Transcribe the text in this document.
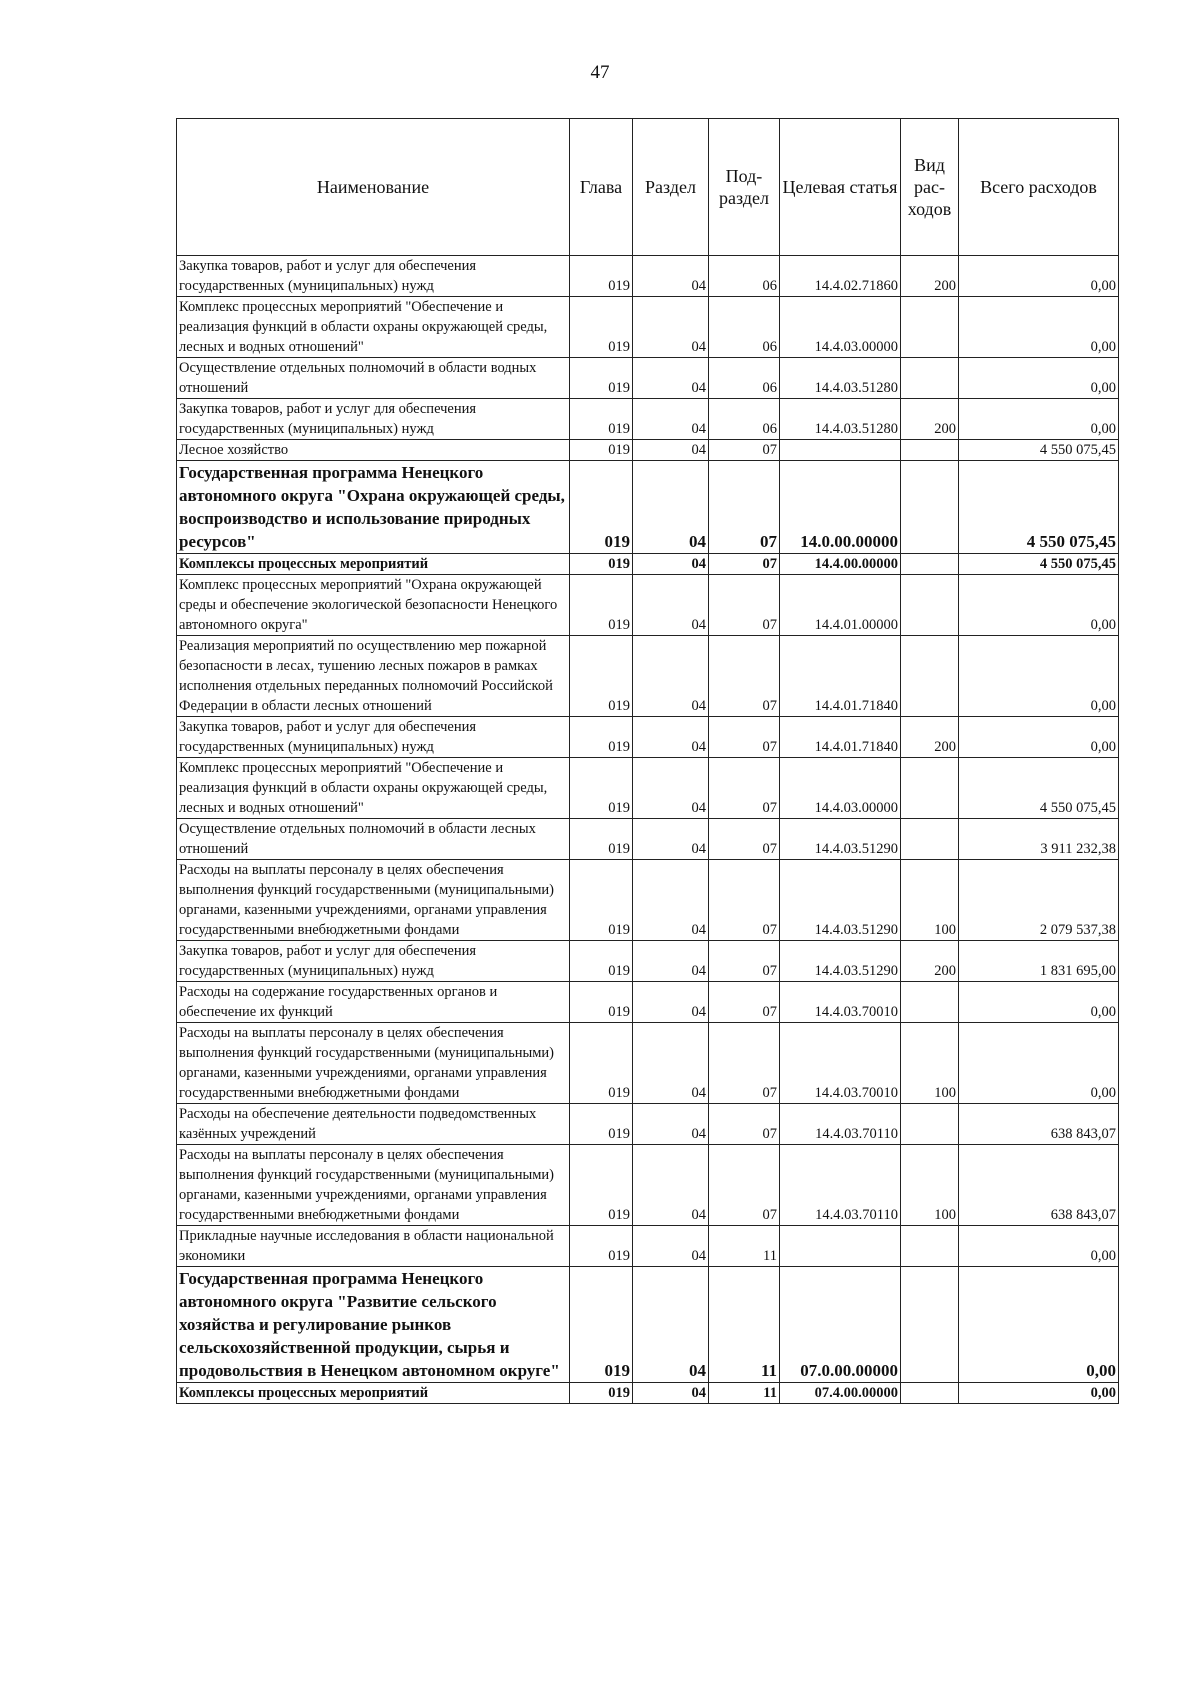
47
Наименование	Глава	Раздел	Под-раздел	Целевая статья	Вид рас-ходов	Всего расходов
Закупка товаров, работ и услуг для обеспечения государственных (муниципальных) нужд	019	04	06	14.4.02.71860	200	0,00
Комплекс процессных мероприятий "Обеспечение и реализация функций в области охраны окружающей среды, лесных и водных отношений"	019	04	06	14.4.03.00000		0,00
Осуществление отдельных полномочий в области водных отношений	019	04	06	14.4.03.51280		0,00
Закупка товаров, работ и услуг для обеспечения государственных (муниципальных) нужд	019	04	06	14.4.03.51280	200	0,00
Лесное хозяйство	019	04	07			4 550 075,45
Государственная программа Ненецкого автономного округа "Охрана окружающей среды, воспроизводство и использование природных ресурсов"	019	04	07	14.0.00.00000		4 550 075,45
Комплексы процессных мероприятий	019	04	07	14.4.00.00000		4 550 075,45
Комплекс процессных мероприятий "Охрана окружающей среды и обеспечение экологической безопасности Ненецкого автономного округа"	019	04	07	14.4.01.00000		0,00
Реализация мероприятий по осуществлению мер пожарной безопасности в лесах, тушению лесных пожаров в рамках исполнения отдельных переданных полномочий Российской Федерации в области лесных отношений	019	04	07	14.4.01.71840		0,00
Закупка товаров, работ и услуг для обеспечения государственных (муниципальных) нужд	019	04	07	14.4.01.71840	200	0,00
Комплекс процессных мероприятий "Обеспечение и реализация функций в области охраны окружающей среды, лесных и водных отношений"	019	04	07	14.4.03.00000		4 550 075,45
Осуществление отдельных полномочий в области лесных отношений	019	04	07	14.4.03.51290		3 911 232,38
Расходы на выплаты персоналу в целях обеспечения выполнения функций государственными (муниципальными) органами, казенными учреждениями, органами управления государственными внебюджетными фондами	019	04	07	14.4.03.51290	100	2 079 537,38
Закупка товаров, работ и услуг для обеспечения государственных (муниципальных) нужд	019	04	07	14.4.03.51290	200	1 831 695,00
Расходы на содержание государственных органов и обеспечение их функций	019	04	07	14.4.03.70010		0,00
Расходы на выплаты персоналу в целях обеспечения выполнения функций государственными (муниципальными) органами, казенными учреждениями, органами управления государственными внебюджетными фондами	019	04	07	14.4.03.70010	100	0,00
Расходы на обеспечение деятельности подведомственных казённых учреждений	019	04	07	14.4.03.70110		638 843,07
Расходы на выплаты персоналу в целях обеспечения выполнения функций государственными (муниципальными) органами, казенными учреждениями, органами управления государственными внебюджетными фондами	019	04	07	14.4.03.70110	100	638 843,07
Прикладные научные исследования в области национальной экономики	019	04	11			0,00
Государственная программа Ненецкого автономного округа "Развитие сельского хозяйства и регулирование рынков сельскохозяйственной продукции, сырья и продовольствия в Ненецком автономном округе"	019	04	11	07.0.00.00000		0,00
Комплексы процессных мероприятий	019	04	11	07.4.00.00000		0,00
